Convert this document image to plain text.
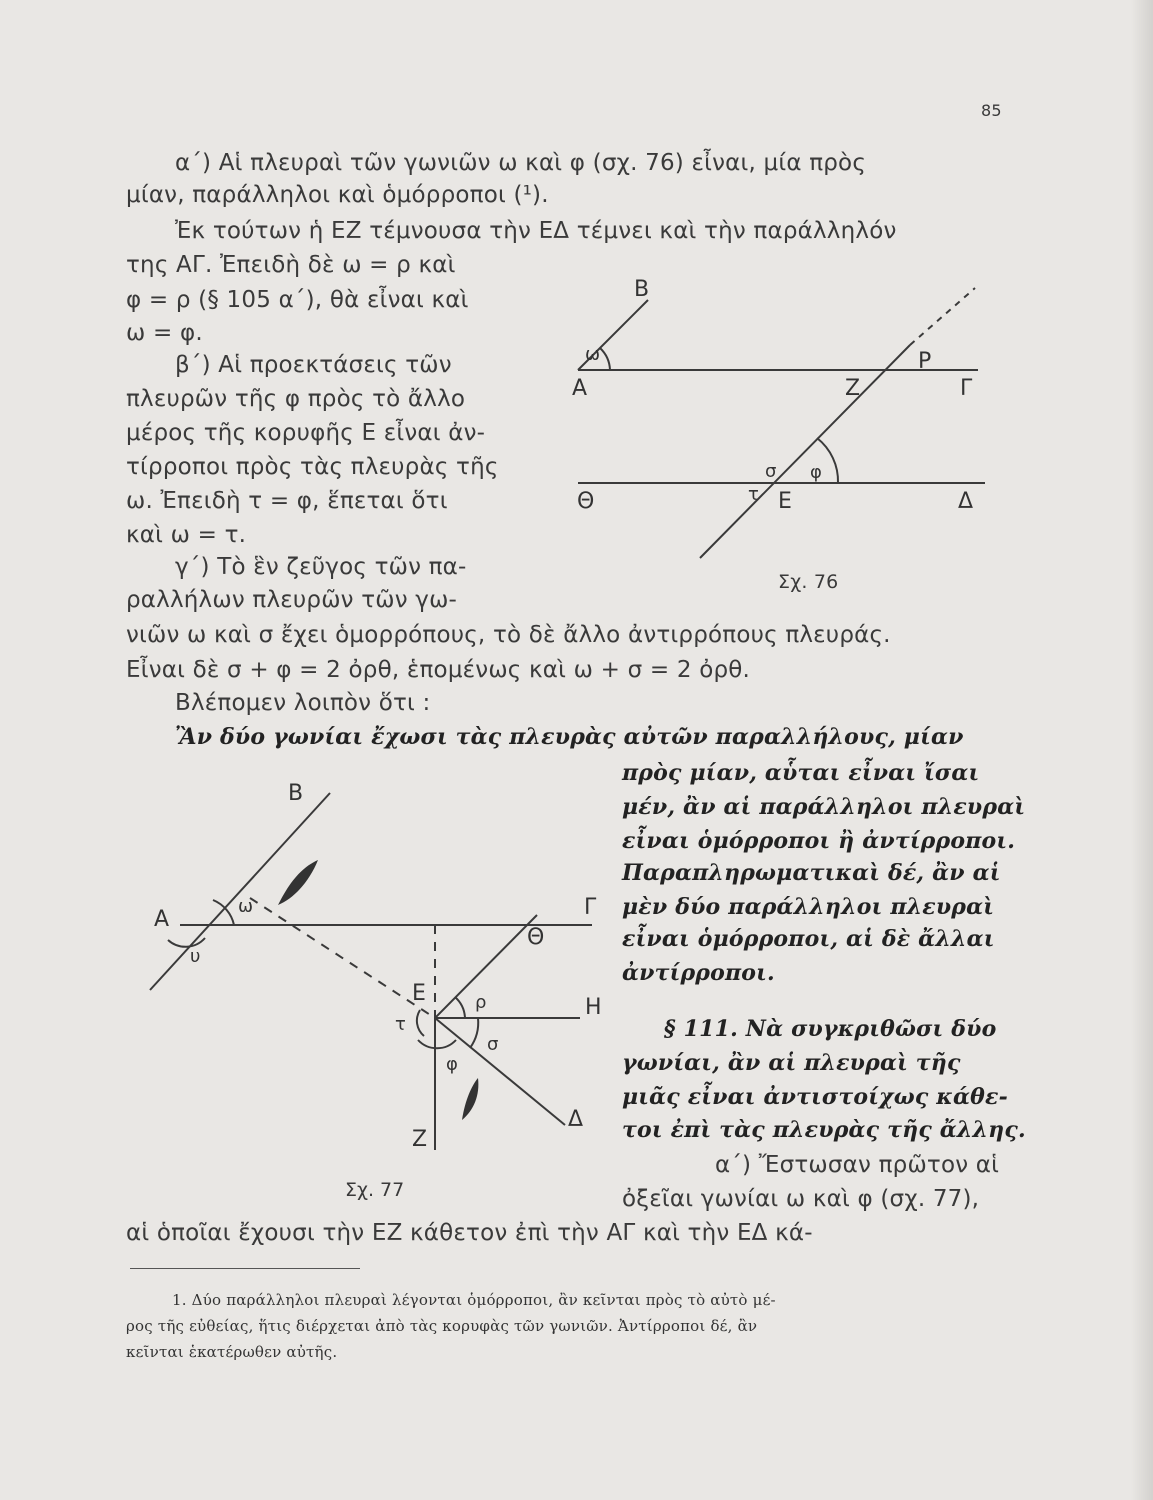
85
α΄) Αἱ πλευραὶ τῶν γωνιῶν ω καὶ φ (σχ. 76) εἶναι, μία πρὸς
μίαν, παράλληλοι καὶ ὁμόρροποι (¹).
Ἐκ τούτων ἡ ΕΖ τέμνουσα τὴν ΕΔ τέμνει καὶ τὴν παράλληλόν
της ΑΓ. Ἐπειδὴ δὲ ω = ρ καὶ
φ = ρ (§ 105 α΄), θὰ εἶναι καὶ
ω = φ.
β΄) Αἱ προεκτάσεις τῶν
πλευρῶν τῆς φ πρὸς τὸ ἄλλο
μέρος τῆς κορυφῆς Ε εἶναι ἀν-
τίρροποι πρὸς τὰς πλευρὰς τῆς
ω. Ἐπειδὴ τ = φ, ἕπεται ὅτι
καὶ ω = τ.
γ΄) Τὸ ἓν ζεῦγος τῶν πα-
ραλλήλων πλευρῶν τῶν γω-
νιῶν ω καὶ σ ἔχει ὁμορρόπους, τὸ δὲ ἄλλο ἀντιρρόπους πλευράς.
Εἶναι δὲ σ + φ = 2 ὀρθ, ἑπομένως καὶ ω + σ = 2 ὀρθ.
Βλέπομεν λοιπὸν ὅτι :
Ἂν δύο γωνίαι ἔχωσι τὰς πλευρὰς αὐτῶν παραλλήλους, μίαν
πρὸς μίαν, αὗται εἶναι ἴσαι
μέν, ἂν αἱ παράλληλοι πλευραὶ
εἶναι ὁμόρροποι ἢ ἀντίρροποι.
Παραπληρωματικαὶ δέ, ἂν αἱ
μὲν δύο παράλληλοι πλευραὶ
εἶναι ὁμόρροποι, αἱ δὲ ἄλλαι
ἀντίρροποι.
§ 111. Νὰ συγκριθῶσι δύο
γωνίαι, ἂν αἱ πλευραὶ τῆς
μιᾶς εἶναι ἀντιστοίχως κάθε-
τοι ἐπὶ τὰς πλευρὰς τῆς ἄλλης.
α΄) Ἔστωσαν πρῶτον αἱ
ὀξεῖαι γωνίαι ω καὶ φ (σχ. 77),
αἱ ὁποῖαι ἔχουσι τὴν ΕΖ κάθετον ἐπὶ τὴν ΑΓ καὶ τὴν ΕΔ κά-
1. Δύο παράλληλοι πλευραὶ λέγονται ὁμόρροποι, ἂν κεῖνται πρὸς τὸ αὐτὸ μέ-
ρος τῆς εὐθείας, ἥτις διέρχεται ἀπὸ τὰς κορυφὰς τῶν γωνιῶν. Ἀντίρροποι δέ, ἂν
κεῖνται ἑκατέρωθεν αὐτῆς.
B
A	Z
Ρ
Γ
Θ	E	Δ
ω
φ
σ
τ
Σχ. 76
B
A	Γ
Θ
E
H
Z
Δ
ω
υ
ρ
σ
τ
φ
Σχ. 77
